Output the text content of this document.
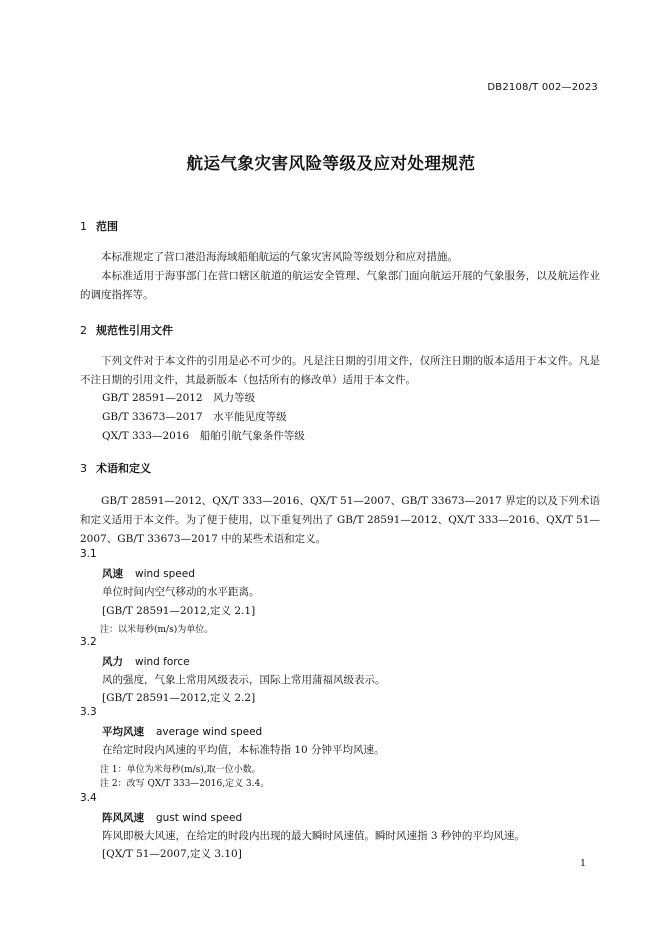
DB2108/T 002—2023
航运气象灾害风险等级及应对处理规范
1 范围
本标准规定了营口港沿海海域船舶航运的气象灾害风险等级划分和应对措施。
本标准适用于海事部门在营口辖区航道的航运安全管理、气象部门面向航运开展的气象服务，以及航运作业的调度指挥等。
2 规范性引用文件
下列文件对于本文件的引用是必不可少的。凡是注日期的引用文件，仅所注日期的版本适用于本文件。凡是不注日期的引用文件，其最新版本（包括所有的修改单）适用于本文件。
GB/T 28591—2012　风力等级
GB/T 33673—2017　水平能见度等级
QX/T 333—2016　船舶引航气象条件等级
3 术语和定义
GB/T 28591—2012、QX/T 333—2016、QX/T 51—2007、GB/T 33673—2017 界定的以及下列术语和定义适用于本文件。为了便于使用，以下重复列出了 GB/T 28591—2012、QX/T 333—2016、QX/T 51—2007、GB/T 33673—2017 中的某些术语和定义。
3.1
风速 wind speed
单位时间内空气移动的水平距离。
[GB/T 28591—2012,定义 2.1]
注：以米每秒(m/s)为单位。
3.2
风力 wind force
风的强度，气象上常用风级表示，国际上常用蒲福风级表示。
[GB/T 28591—2012,定义 2.2]
3.3
平均风速 average wind speed
在给定时段内风速的平均值，本标准特指 10 分钟平均风速。
注 1：单位为米每秒(m/s),取一位小数。
注 2：改写 QX/T 333—2016,定义 3.4。
3.4
阵风风速 gust wind speed
阵风即极大风速，在给定的时段内出现的最大瞬时风速值。瞬时风速指 3 秒钟的平均风速。
[QX/T 51—2007,定义 3.10]
1
